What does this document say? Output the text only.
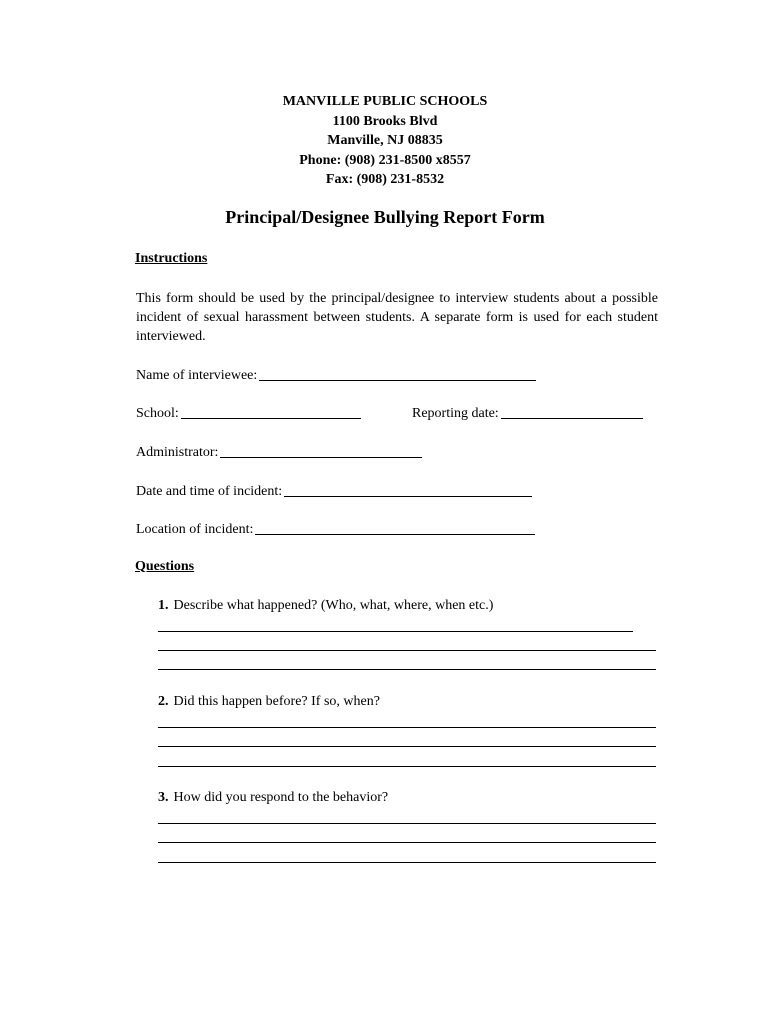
MANVILLE PUBLIC SCHOOLS
1100 Brooks Blvd
Manville, NJ 08835
Phone: (908) 231-8500 x8557
Fax: (908) 231-8532
Principal/Designee Bullying Report Form
Instructions
This form should be used by the principal/designee to interview students about a possible incident of sexual harassment between students. A separate form is used for each student interviewed.
Name of interviewee:
School:	Reporting date:
Administrator:
Date and time of incident:
Location of incident:
Questions
1. Describe what happened? (Who, what, where, when etc.)
2. Did this happen before? If so, when?
3. How did you respond to the behavior?
